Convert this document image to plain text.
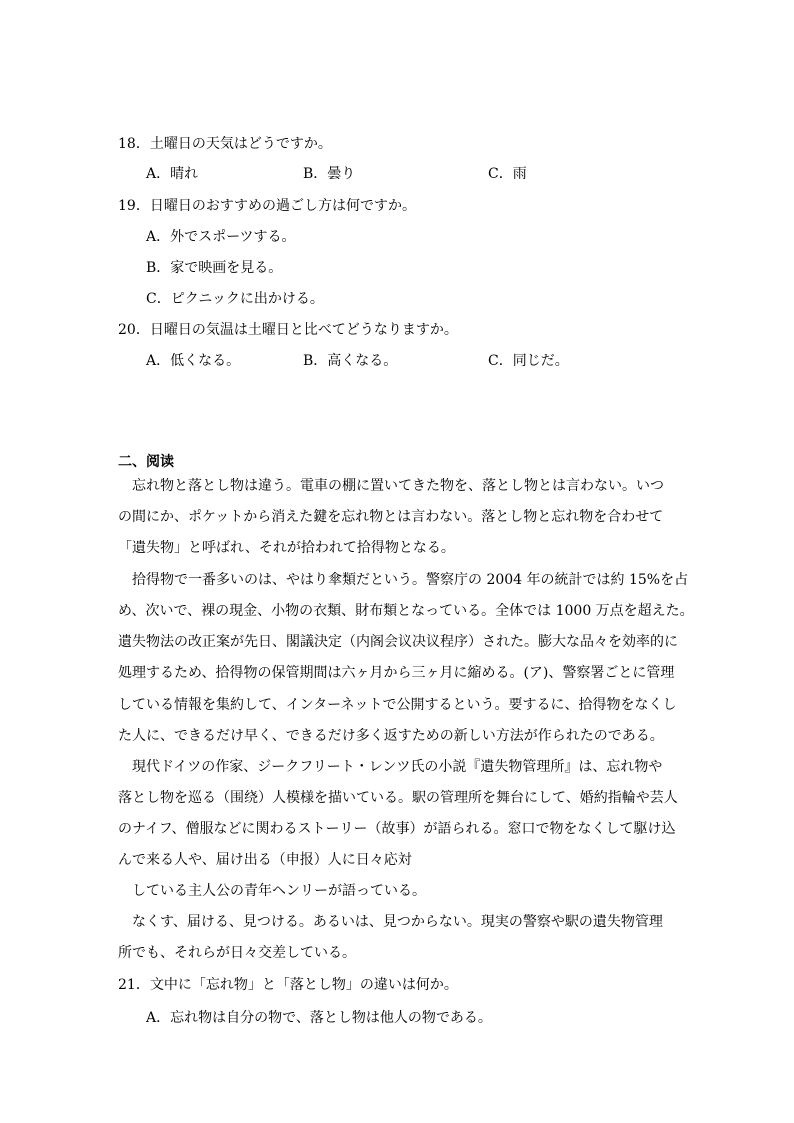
18．土曜日の天気はどうですか。
A．晴れ	B．曇り	C．雨
19．日曜日のおすすめの過ごし方は何ですか。
A．外でスポーツする。
B．家で映画を見る。
C．ピクニックに出かける。
20．日曜日の気温は土曜日と比べてどうなりますか。
A．低くなる。	B．高くなる。	C．同じだ。
二、阅读
　忘れ物と落とし物は違う。電車の棚に置いてきた物を、落とし物とは言わない。いつ
の間にか、ポケットから消えた鍵を忘れ物とは言わない。落とし物と忘れ物を合わせて
「遺失物」と呼ばれ、それが拾われて拾得物となる。
　拾得物で一番多いのは、やはり傘類だという。警察庁の 2004 年の統計では約 15%を占
め、次いで、裸の現金、小物の衣類、財布類となっている。全体では 1000 万点を超えた。
遺失物法の改正案が先日、閣議決定（内阁会议决议程序）された。膨大な品々を効率的に
処理するため、拾得物の保管期間は六ヶ月から三ヶ月に縮める。(ア)、警察署ごとに管理
している情報を集約して、インターネットで公開するという。要するに、拾得物をなくし
た人に、できるだけ早く、できるだけ多く返すための新しい方法が作られたのである。
　現代ドイツの作家、ジークフリート・レンツ氏の小説『遺失物管理所』は、忘れ物や
落とし物を巡る（围绕）人模様を描いている。駅の管理所を舞台にして、婚約指輪や芸人
のナイフ、僧服などに関わるストーリー（故事）が語られる。窓口で物をなくして駆け込
んで来る人や、届け出る（申报）人に日々応対
　している主人公の青年ヘンリーが語っている。
　なくす、届ける、見つける。あるいは、見つからない。現実の警察や駅の遺失物管理
所でも、それらが日々交差している。
21．文中に「忘れ物」と「落とし物」の違いは何か。
A．忘れ物は自分の物で、落とし物は他人の物である。
